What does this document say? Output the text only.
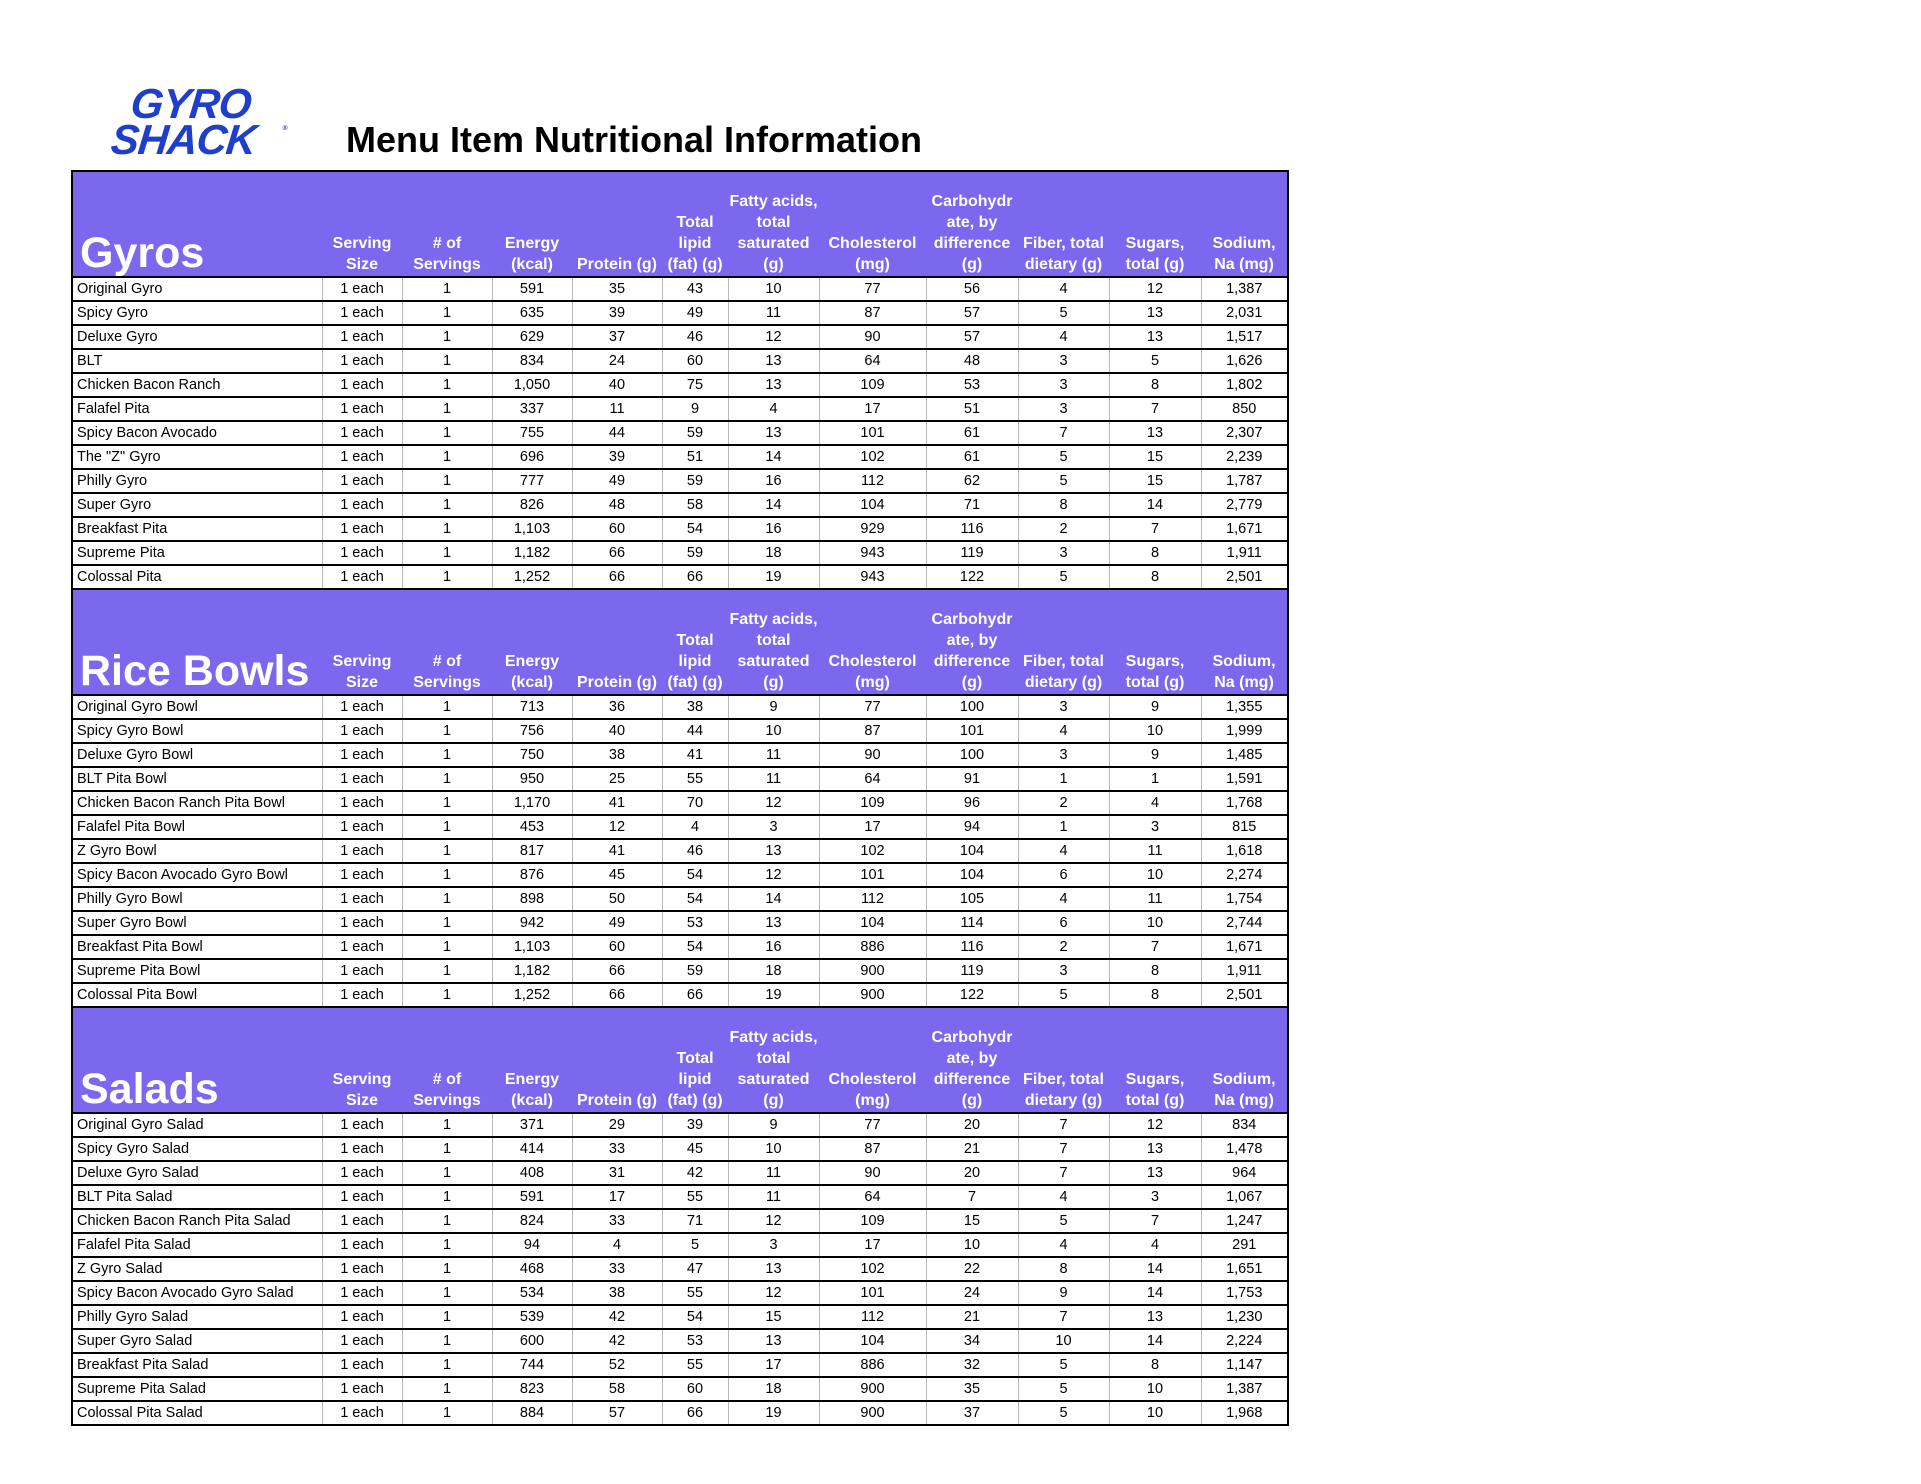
GYRO
SHACK	® Menu Item Nutritional Information
Gyros	Serving Size	# of Servings	Energy (kcal)	Protein (g)	Total lipid (fat) (g)	Fatty acids, total saturated (g)	Cholesterol (mg)	Carbohydr ate, by difference (g)	Fiber, total dietary (g)	Sugars, total (g)	Sodium, Na (mg)
Original Gyro	1 each	1	591	35	43	10	77	56	4	12	1,387
Spicy Gyro	1 each	1	635	39	49	11	87	57	5	13	2,031
Deluxe Gyro	1 each	1	629	37	46	12	90	57	4	13	1,517
BLT	1 each	1	834	24	60	13	64	48	3	5	1,626
Chicken Bacon Ranch	1 each	1	1,050	40	75	13	109	53	3	8	1,802
Falafel Pita	1 each	1	337	11	9	4	17	51	3	7	850
Spicy Bacon Avocado	1 each	1	755	44	59	13	101	61	7	13	2,307
The "Z" Gyro	1 each	1	696	39	51	14	102	61	5	15	2,239
Philly Gyro	1 each	1	777	49	59	16	112	62	5	15	1,787
Super Gyro	1 each	1	826	48	58	14	104	71	8	14	2,779
Breakfast Pita	1 each	1	1,103	60	54	16	929	116	2	7	1,671
Supreme Pita	1 each	1	1,182	66	59	18	943	119	3	8	1,911
Colossal Pita	1 each	1	1,252	66	66	19	943	122	5	8	2,501
Rice Bowls	Serving Size	# of Servings	Energy (kcal)	Protein (g)	Total lipid (fat) (g)	Fatty acids, total saturated (g)	Cholesterol (mg)	Carbohydr ate, by difference (g)	Fiber, total dietary (g)	Sugars, total (g)	Sodium, Na (mg)
Original Gyro Bowl	1 each	1	713	36	38	9	77	100	3	9	1,355
Spicy Gyro Bowl	1 each	1	756	40	44	10	87	101	4	10	1,999
Deluxe Gyro Bowl	1 each	1	750	38	41	11	90	100	3	9	1,485
BLT Pita Bowl	1 each	1	950	25	55	11	64	91	1	1	1,591
Chicken Bacon Ranch Pita Bowl	1 each	1	1,170	41	70	12	109	96	2	4	1,768
Falafel Pita Bowl	1 each	1	453	12	4	3	17	94	1	3	815
Z Gyro Bowl	1 each	1	817	41	46	13	102	104	4	11	1,618
Spicy Bacon Avocado Gyro Bowl	1 each	1	876	45	54	12	101	104	6	10	2,274
Philly Gyro Bowl	1 each	1	898	50	54	14	112	105	4	11	1,754
Super Gyro Bowl	1 each	1	942	49	53	13	104	114	6	10	2,744
Breakfast Pita Bowl	1 each	1	1,103	60	54	16	886	116	2	7	1,671
Supreme Pita Bowl	1 each	1	1,182	66	59	18	900	119	3	8	1,911
Colossal Pita Bowl	1 each	1	1,252	66	66	19	900	122	5	8	2,501
Salads	Serving Size	# of Servings	Energy (kcal)	Protein (g)	Total lipid (fat) (g)	Fatty acids, total saturated (g)	Cholesterol (mg)	Carbohydr ate, by difference (g)	Fiber, total dietary (g)	Sugars, total (g)	Sodium, Na (mg)
Original Gyro Salad	1 each	1	371	29	39	9	77	20	7	12	834
Spicy Gyro Salad	1 each	1	414	33	45	10	87	21	7	13	1,478
Deluxe Gyro Salad	1 each	1	408	31	42	11	90	20	7	13	964
BLT Pita Salad	1 each	1	591	17	55	11	64	7	4	3	1,067
Chicken Bacon Ranch Pita Salad	1 each	1	824	33	71	12	109	15	5	7	1,247
Falafel Pita Salad	1 each	1	94	4	5	3	17	10	4	4	291
Z Gyro Salad	1 each	1	468	33	47	13	102	22	8	14	1,651
Spicy Bacon Avocado Gyro Salad	1 each	1	534	38	55	12	101	24	9	14	1,753
Philly Gyro Salad	1 each	1	539	42	54	15	112	21	7	13	1,230
Super Gyro Salad	1 each	1	600	42	53	13	104	34	10	14	2,224
Breakfast Pita Salad	1 each	1	744	52	55	17	886	32	5	8	1,147
Supreme Pita Salad	1 each	1	823	58	60	18	900	35	5	10	1,387
Colossal Pita Salad	1 each	1	884	57	66	19	900	37	5	10	1,968
